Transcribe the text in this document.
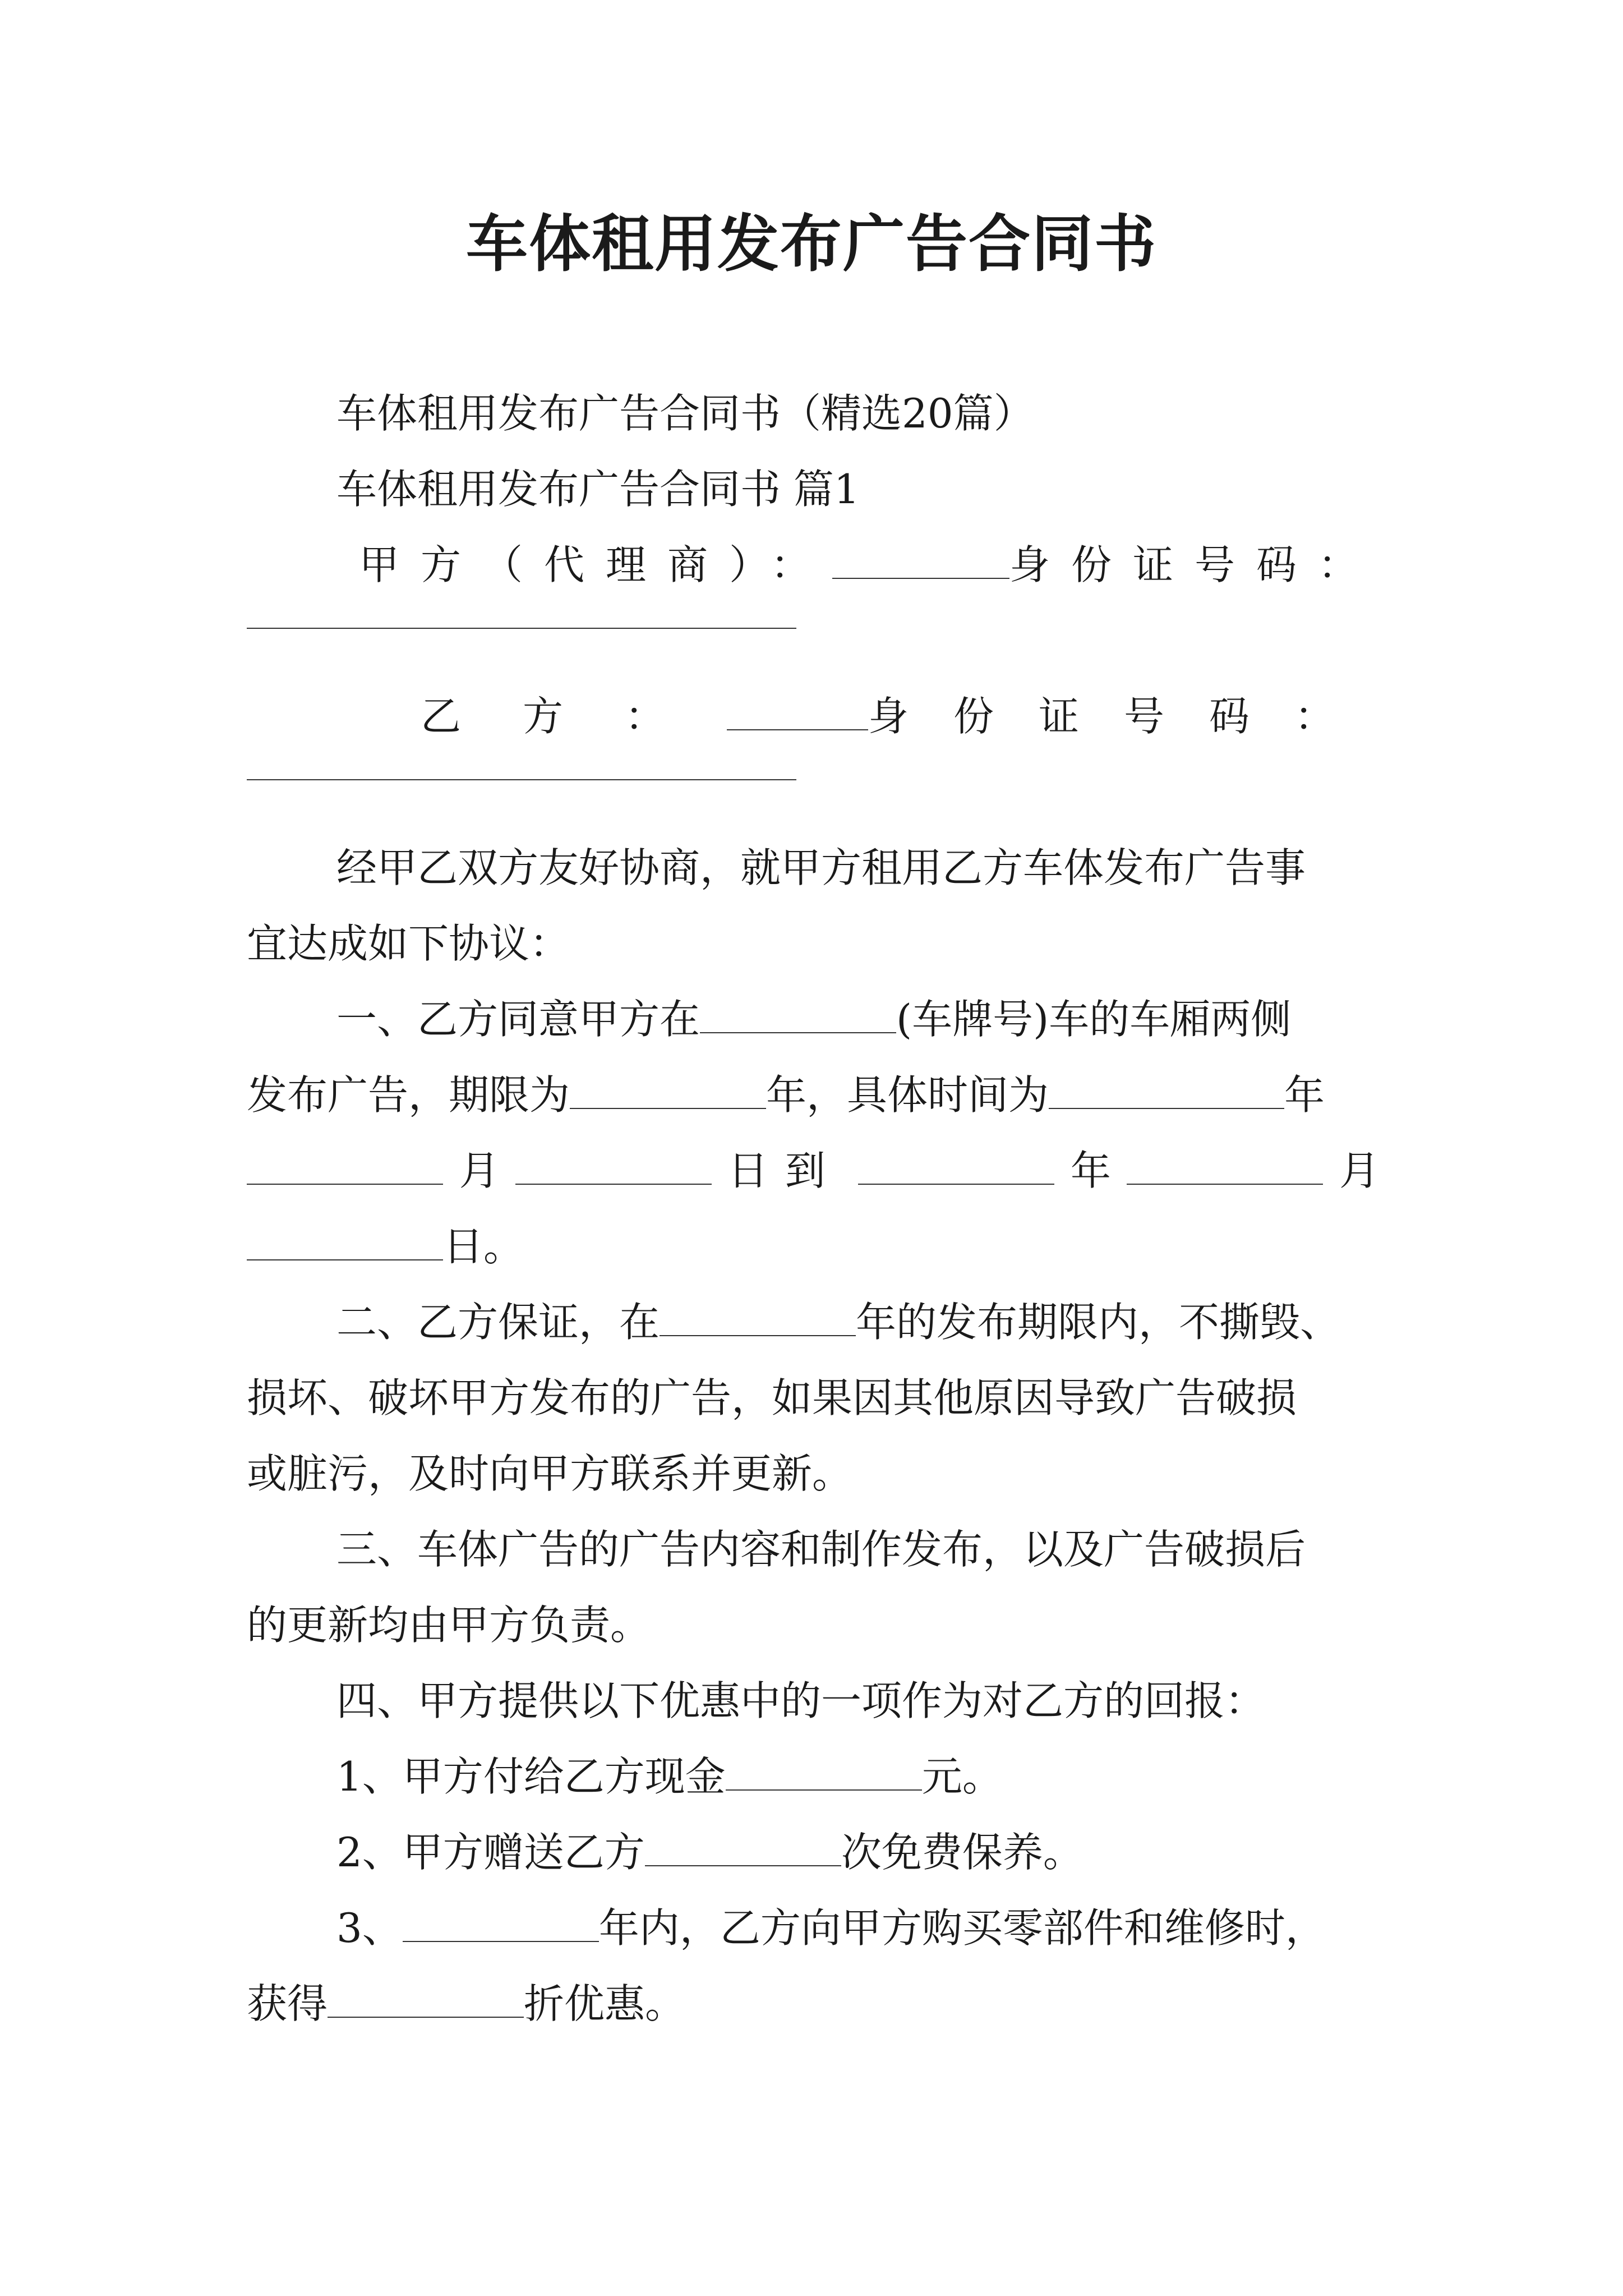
车体租用发布广告合同书

车体租用发布广告合同书（精选20篇）

车体租用发布广告合同书 篇1

甲方（代理商）：	身份证号码：
乙方：	身份证号码：

经甲乙双方友好协商，就甲方租用乙方车体发布广告事

宜达成如下协议：

一、乙方同意甲方在	(车牌号)车的车厢两侧

发布广告，期限为	年，具体时间为	年

月	日到	年	月

日。

二、乙方保证，在	年的发布期限内，不撕毁、

损坏、破坏甲方发布的广告，如果因其他原因导致广告破损

或脏污，及时向甲方联系并更新。

三、车体广告的广告内容和制作发布，以及广告破损后

的更新均由甲方负责。

四、甲方提供以下优惠中的一项作为对乙方的回报：

1、甲方付给乙方现金	元。

2、甲方赠送乙方	次免费保养。

3、	年内，乙方向甲方购买零部件和维修时，

获得	折优惠。
